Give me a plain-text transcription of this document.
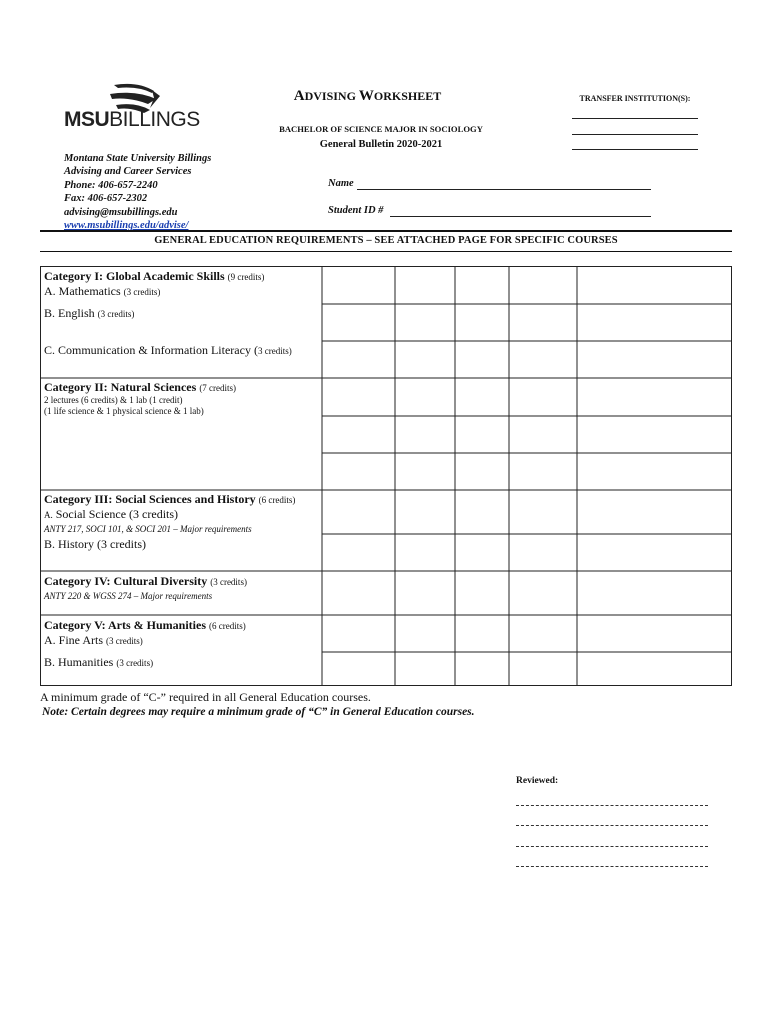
MSUBILLINGS
Montana State University Billings
Advising and Career Services
Phone: 406-657-2240
Fax: 406-657-2302
advising@msubillings.edu
www.msubillings.edu/advise/
ADVISING WORKSHEET
BACHELOR OF SCIENCE MAJOR IN SOCIOLOGY
General Bulletin 2020-2021
TRANSFER INSTITUTION(S):
Name
Student ID #
GENERAL EDUCATION REQUIREMENTS – SEE ATTACHED PAGE FOR SPECIFIC COURSES
Category I: Global Academic Skills (9 credits)
A. Mathematics (3 credits)
B. English (3 credits)
C. Communication & Information Literacy (3 credits)
Category II: Natural Sciences (7 credits)
2 lectures (6 credits) & 1 lab (1 credit)
(1 life science & 1 physical science & 1 lab)
Category III: Social Sciences and History (6 credits)
A. Social Science (3 credits)
ANTY 217, SOCI 101, & SOCI 201 – Major requirements
B. History (3 credits)
Category IV: Cultural Diversity (3 credits)
ANTY 220 & WGSS 274 – Major requirements
Category V: Arts & Humanities (6 credits)
A. Fine Arts (3 credits)
B. Humanities (3 credits)
A minimum grade of “C-” required in all General Education courses.
Note: Certain degrees may require a minimum grade of “C” in General Education courses.
Reviewed:
